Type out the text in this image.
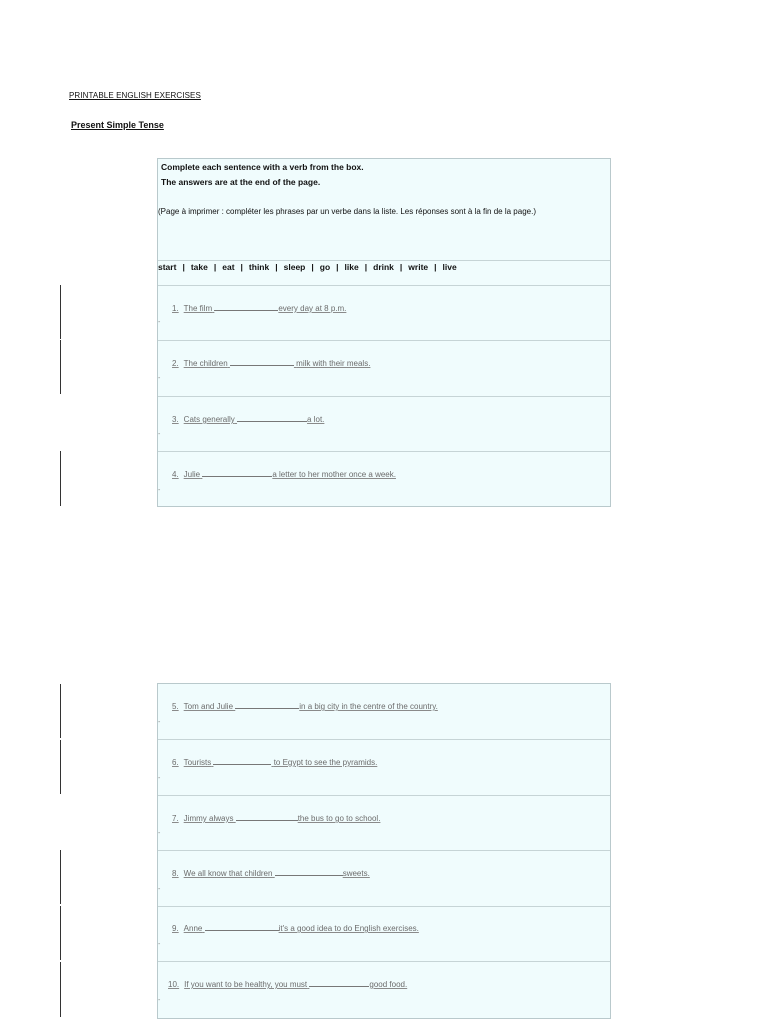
PRINTABLE ENGLISH EXERCISES
Present Simple Tense
Complete each sentence with a verb from the box.
The answers are at the end of the page.
(Page à imprimer : compléter les phrases par un verbe dans la liste. Les réponses sont à la fin de la page.)
start | take | eat | think | sleep | go | like | drink | write | live
1. The film	every day at 8 p.m.
-
2. The children	milk with their meals.
-
3. Cats generally	a lot.
-
4. Julie	a letter to her mother once a week.
-
5. Tom and Julie	in a big city in the centre of the country.
-
6. Tourists	to Egypt to see the pyramids.
-
7. Jimmy always	the bus to go to school.
-
8. We all know that children	sweets.
-
9. Anne	it's a good idea to do English exercises.
-
10. If you want to be healthy, you must	good food.
-
